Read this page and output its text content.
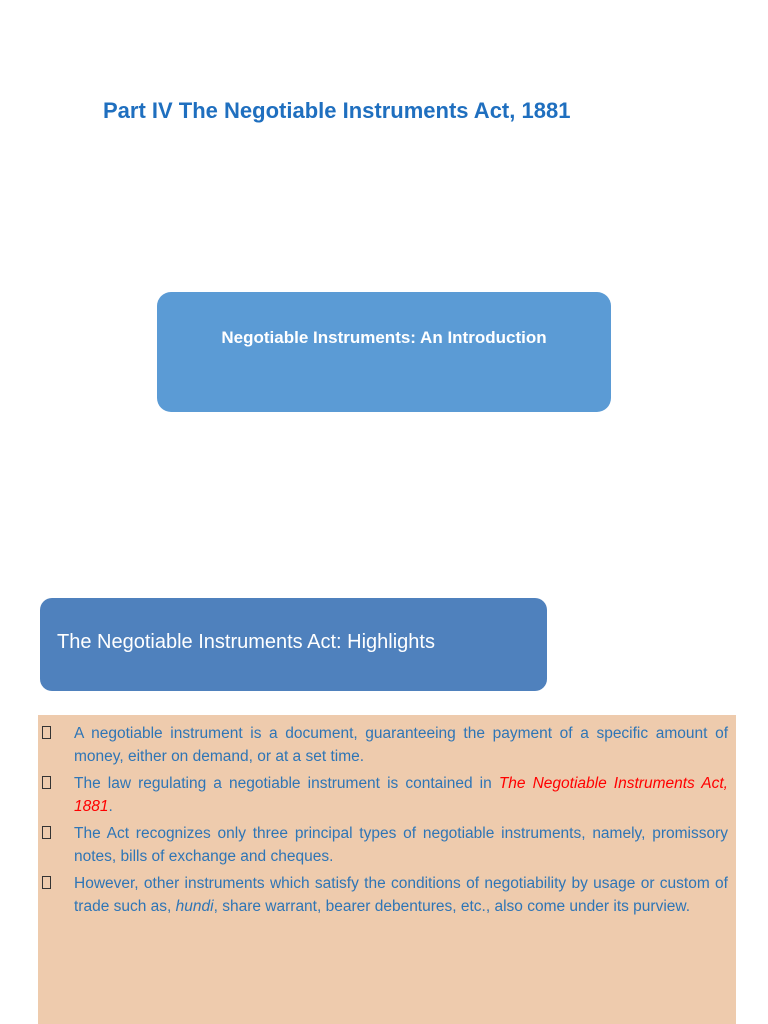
Part IV The Negotiable Instruments Act, 1881
Negotiable Instruments: An Introduction
The Negotiable Instruments Act: Highlights
A negotiable instrument is a document, guaranteeing the payment of a specific amount of money, either on demand, or at a set time.
The law regulating a negotiable instrument is contained in The Negotiable Instruments Act, 1881.
The Act recognizes only three principal types of negotiable instruments, namely, promissory notes, bills of exchange and cheques.
However, other instruments which satisfy the conditions of negotiability by usage or custom of trade such as, hundi, share warrant, bearer debentures, etc., also come under its purview.
